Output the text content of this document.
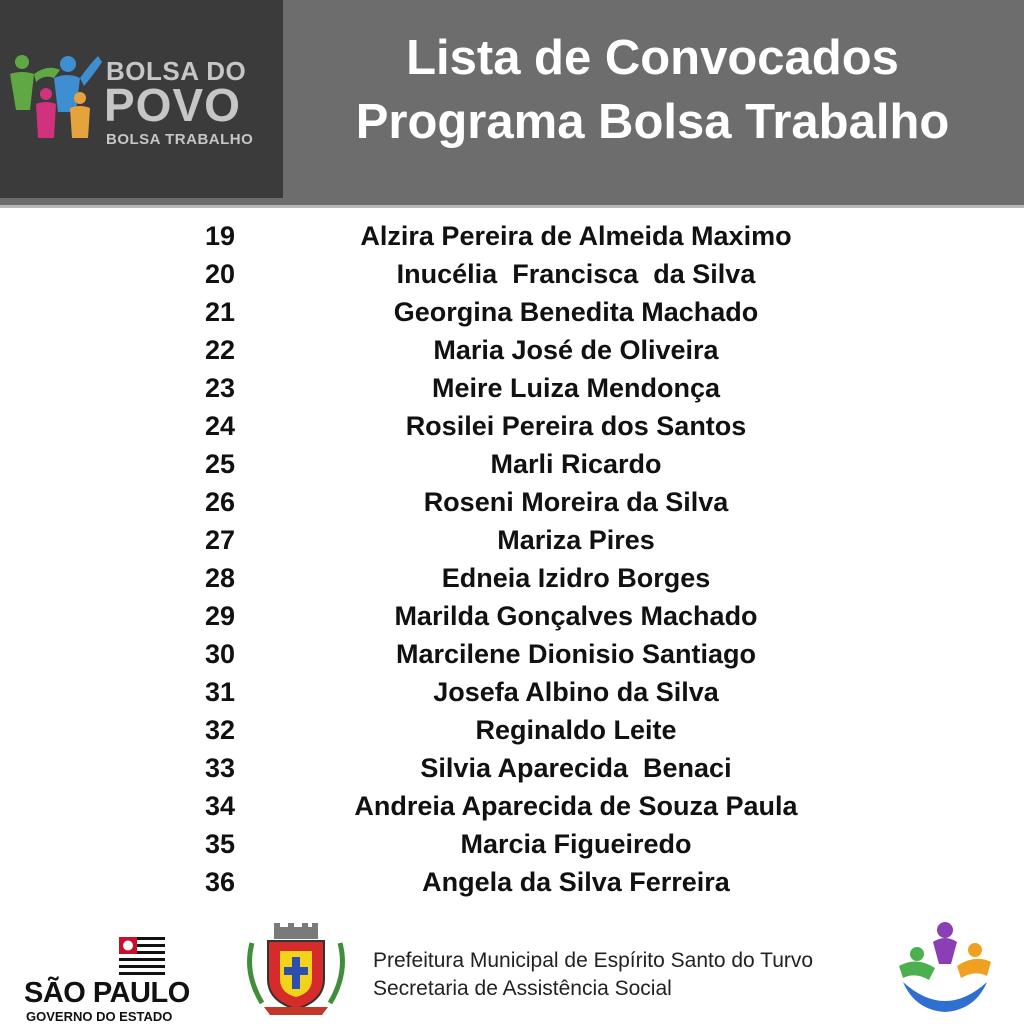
BOLSA DO
POVO
BOLSA TRABALHO
Lista de Convocados
Programa Bolsa Trabalho
19	Alzira Pereira de Almeida Maximo
20	Inucélia  Francisca  da Silva
21	Georgina Benedita Machado
22	Maria José de Oliveira
23	Meire Luiza Mendonça
24	Rosilei Pereira dos Santos
25	Marli Ricardo
26	Roseni Moreira da Silva
27	Mariza Pires
28	Edneia Izidro Borges
29	Marilda Gonçalves Machado
30	Marcilene Dionisio Santiago
31	Josefa Albino da Silva
32	Reginaldo Leite
33	Silvia Aparecida  Benaci
34	Andreia Aparecida de Souza Paula
35	Marcia Figueiredo
36	Angela da Silva Ferreira
SÃO PAULO
GOVERNO DO ESTADO
Prefeitura Municipal de Espírito Santo do Turvo
Secretaria de Assistência Social
